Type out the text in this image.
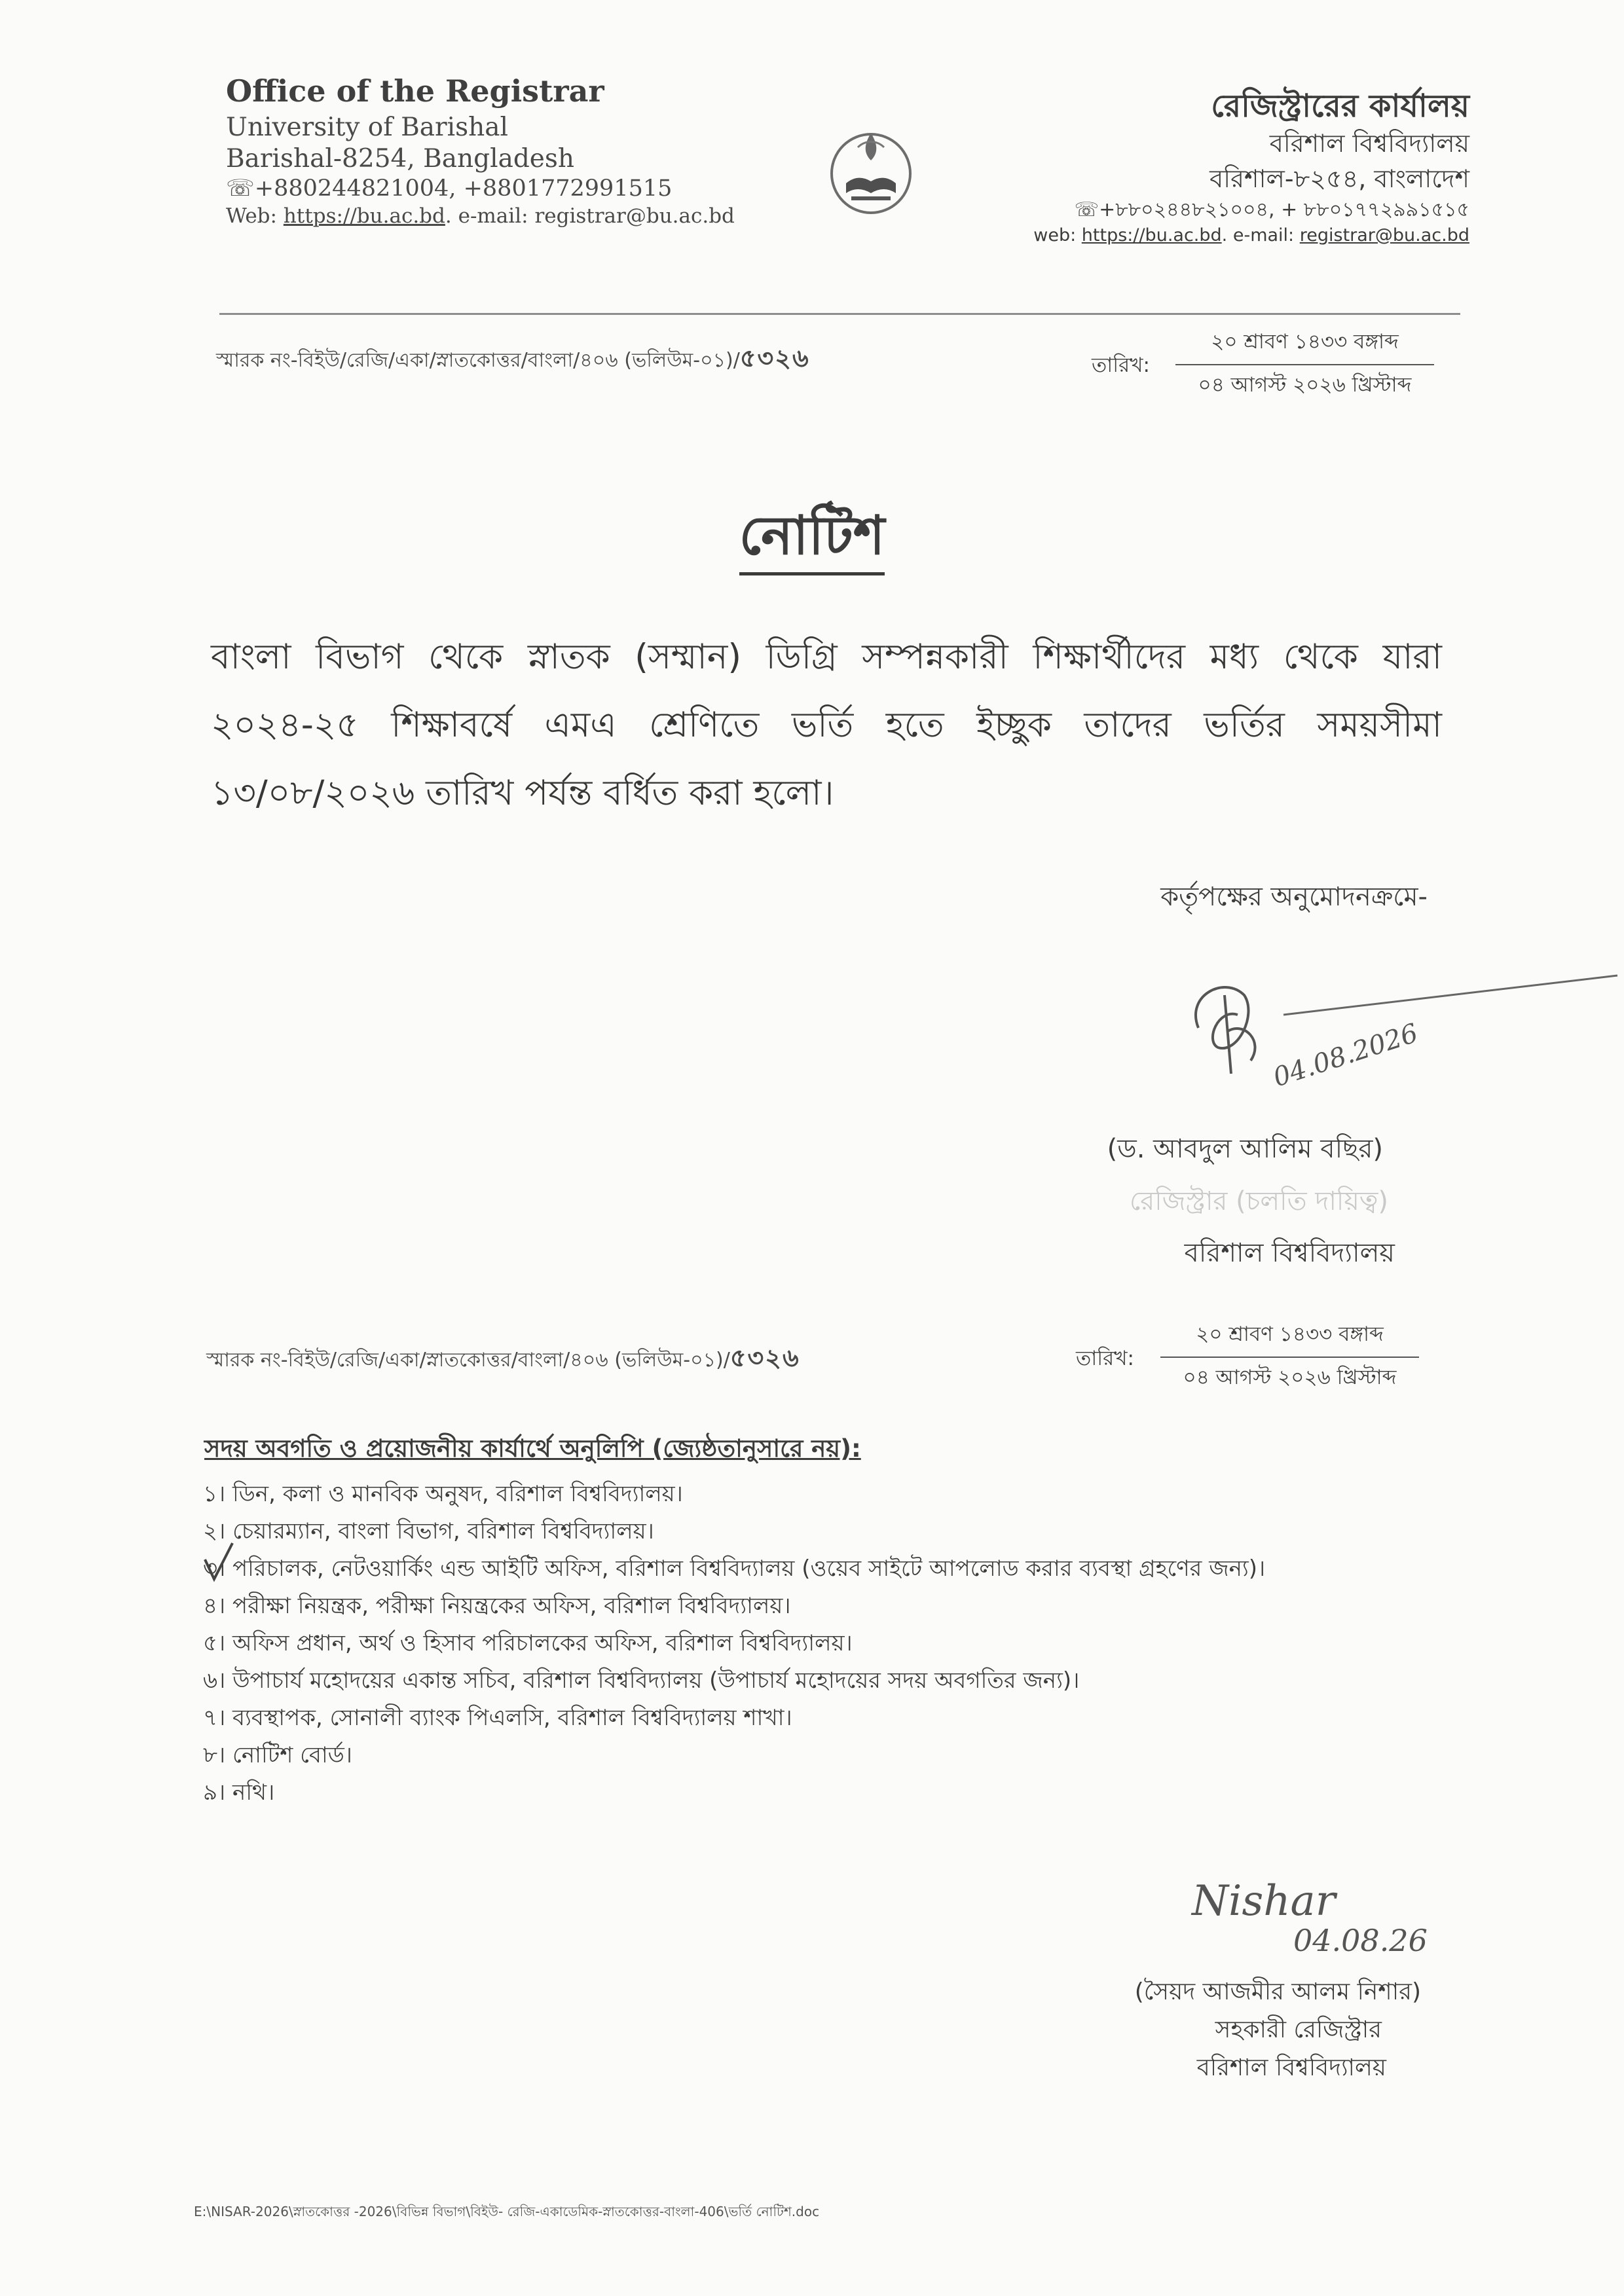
Office of the Registrar
University of Barishal
Barishal-8254, Bangladesh
☏+880244821004, +8801772991515
Web: https://bu.ac.bd. e-mail: registrar@bu.ac.bd
রেজিস্ট্রারের কার্যালয়
বরিশাল বিশ্ববিদ্যালয়
বরিশাল-৮২৫৪, বাংলাদেশ
☏+৮৮০২৪৪৮২১০০৪, + ৮৮০১৭৭২৯৯১৫১৫
web: https://bu.ac.bd. e-mail: registrar@bu.ac.bd
স্মারক নং-বিইউ/রেজি/একা/স্নাতকোত্তর/বাংলা/৪০৬ (ভলিউম-০১)/৫৩২৬	তারিখ:
২০ শ্রাবণ ১৪৩৩ বঙ্গাব্দ
০৪ আগস্ট ২০২৬ খ্রিস্টাব্দ
নোটিশ
বাংলা বিভাগ থেকে স্নাতক (সম্মান) ডিগ্রি সম্পন্নকারী শিক্ষার্থীদের মধ্য থেকে যারা ২০২৪-২৫ শিক্ষাবর্ষে এমএ শ্রেণিতে ভর্তি হতে ইচ্ছুক তাদের ভর্তির সময়সীমা ১৩/০৮/২০২৬ তারিখ পর্যন্ত বর্ধিত করা হলো।
কর্তৃপক্ষের অনুমোদনক্রমে-
04.08.2026
(ড. আবদুল আলিম বছির)
রেজিস্ট্রার (চলতি দায়িত্ব)
বরিশাল বিশ্ববিদ্যালয়
স্মারক নং-বিইউ/রেজি/একা/স্নাতকোত্তর/বাংলা/৪০৬ (ভলিউম-০১)/৫৩২৬	তারিখ:
২০ শ্রাবণ ১৪৩৩ বঙ্গাব্দ
০৪ আগস্ট ২০২৬ খ্রিস্টাব্দ
সদয় অবগতি ও প্রয়োজনীয় কার্যার্থে অনুলিপি (জ্যেষ্ঠতানুসারে নয়):
১। ডিন, কলা ও মানবিক অনুষদ, বরিশাল বিশ্ববিদ্যালয়।
২। চেয়ারম্যান, বাংলা বিভাগ, বরিশাল বিশ্ববিদ্যালয়।
৩। পরিচালক, নেটওয়ার্কিং এন্ড আইটি অফিস, বরিশাল বিশ্ববিদ্যালয় (ওয়েব সাইটে আপলোড করার ব্যবস্থা গ্রহণের জন্য)।
৪। পরীক্ষা নিয়ন্ত্রক, পরীক্ষা নিয়ন্ত্রকের অফিস, বরিশাল বিশ্ববিদ্যালয়।
৫। অফিস প্রধান, অর্থ ও হিসাব পরিচালকের অফিস, বরিশাল বিশ্ববিদ্যালয়।
৬। উপাচার্য মহোদয়ের একান্ত সচিব, বরিশাল বিশ্ববিদ্যালয় (উপাচার্য মহোদয়ের সদয় অবগতির জন্য)।
৭। ব্যবস্থাপক, সোনালী ব্যাংক পিএলসি, বরিশাল বিশ্ববিদ্যালয় শাখা।
৮। নোটিশ বোর্ড।
৯। নথি।
Nishar
04.08.26
(সৈয়দ আজমীর আলম নিশার)
সহকারী রেজিস্ট্রার
বরিশাল বিশ্ববিদ্যালয়
E:\NISAR-2026\স্নাতকোত্তর -2026\বিভিন্ন বিভাগ\বিইউ- রেজি-একাডেমিক-স্নাতকোত্তর-বাংলা-406\ভর্তি নোটিশ.doc
